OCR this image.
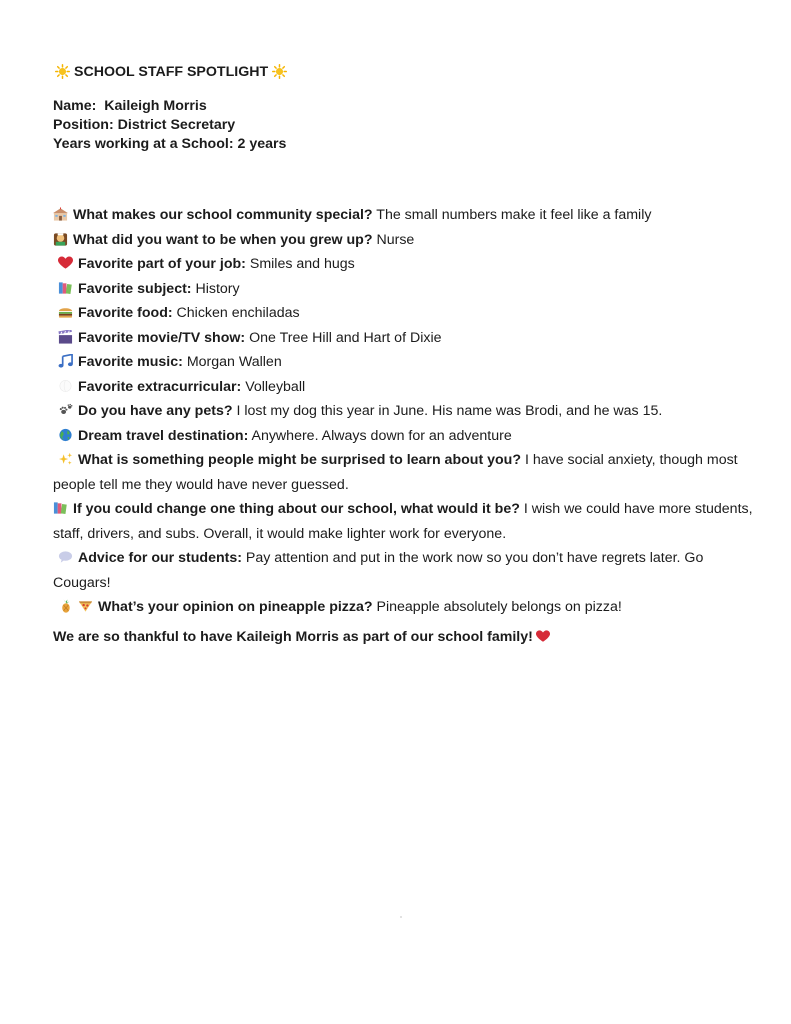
SCHOOL STAFF SPOTLIGHT
Name: Kaileigh Morris
Position: District Secretary
Years working at a School: 2 years
What makes our school community special? The small numbers make it feel like a family
What did you want to be when you grew up? Nurse
Favorite part of your job: Smiles and hugs
Favorite subject: History
Favorite food: Chicken enchiladas
Favorite movie/TV show: One Tree Hill and Hart of Dixie
Favorite music: Morgan Wallen
Favorite extracurricular: Volleyball
Do you have any pets? I lost my dog this year in June. His name was Brodi, and he was 15.
Dream travel destination: Anywhere. Always down for an adventure
What is something people might be surprised to learn about you? I have social anxiety, though most people tell me they would have never guessed.
If you could change one thing about our school, what would it be? I wish we could have more students, staff, drivers, and subs. Overall, it would make lighter work for everyone.
Advice for our students: Pay attention and put in the work now so you don’t have regrets later. Go Cougars!
What’s your opinion on pineapple pizza? Pineapple absolutely belongs on pizza!
We are so thankful to have Kaileigh Morris as part of our school family!
